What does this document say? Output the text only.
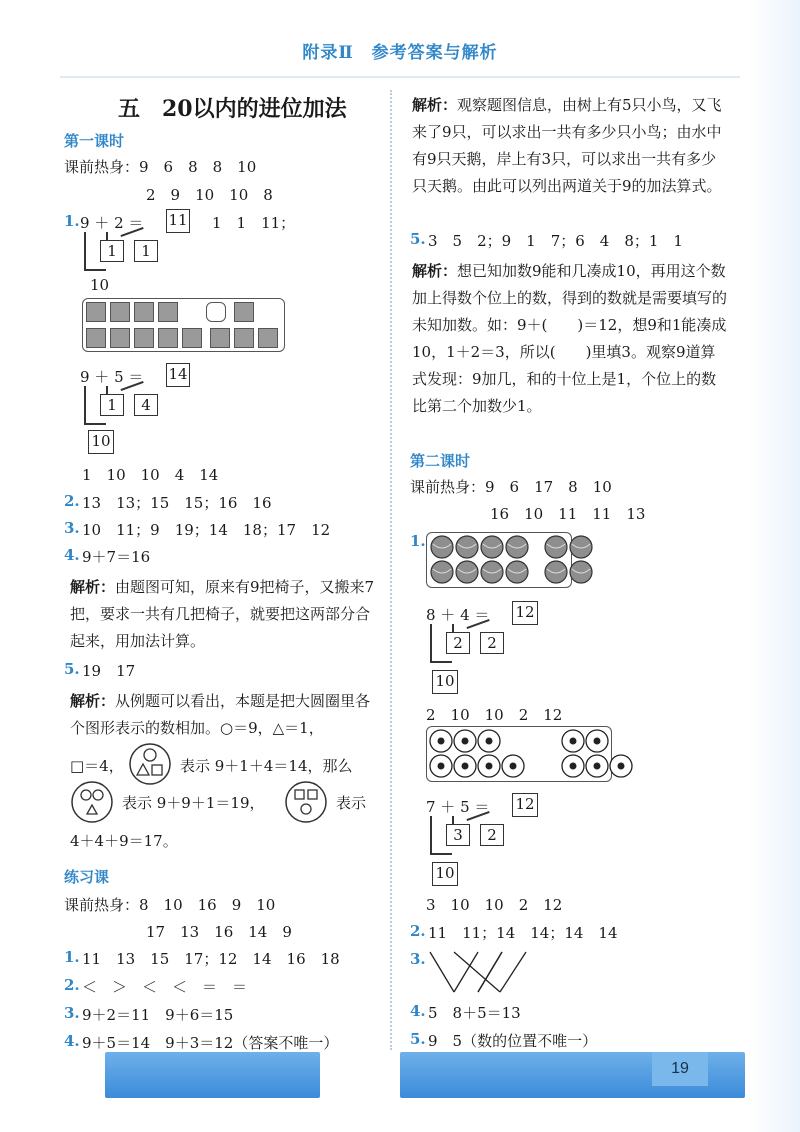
19
附录Ⅱ　参考答案与解析
五　20以内的进位加法
第一课时
课前热身：9　6　8　8　10
2　9　10　10　8
1. 9 ＋ 2 ＝ 11 1　1　11；
1	1
10
9 ＋ 5 ＝ 14
1	4
10
1　10　10　4　14
2. 13　13；15　15；16　16
3. 10　11；9　19；14　18；17　12
4. 9＋7＝16
解析：由题图可知，原来有9把椅子，又搬来7把，要求一共有几把椅子，就要把这两部分合起来，用加法计算。
5. 19　17
解析：从例题可以看出，本题是把大圆圈里各个图形表示的数相加。○＝9，△＝1，
□＝4，	表示 9＋1＋4＝14，那么
表示 9＋9＋1＝19，	表示
4＋4＋9＝17。
练习课
课前热身：8　10　16　9　10
17　13　16　14　9
1. 11　13　15　17；12　14　16　18
2. ＜　＞　＜　＜　＝　＝
3. 9＋2＝11　9＋6＝15
4. 9＋5＝14　9＋3＝12（答案不唯一）
解析：观察题图信息，由树上有5只小鸟，又飞来了9只，可以求出一共有多少只小鸟；由水中有9只天鹅，岸上有3只，可以求出一共有多少只天鹅。由此可以列出两道关于9的加法算式。
5. 3　5　2；9　1　7；6　4　8；1　1
解析：想已知加数9能和几凑成10，再用这个数加上得数个位上的数，得到的数就是需要填写的未知加数。如：9＋(　　)＝12，想9和1能凑成10，1＋2＝3，所以(　　)里填3。观察9道算式发现：9加几，和的十位上是1，个位上的数比第二个加数少1。
第二课时
课前热身：9　6　17　8　10
16　10　11　11　13
1.
8 ＋ 4 ＝ 12
2	2
10
2　10　10　2　12
7 ＋ 5 ＝ 12
3	2
10
3　10　10　2　12
2. 11　11；14　14；14　14
3.
4. 5　8＋5＝13
5. 9　5（数的位置不唯一）
